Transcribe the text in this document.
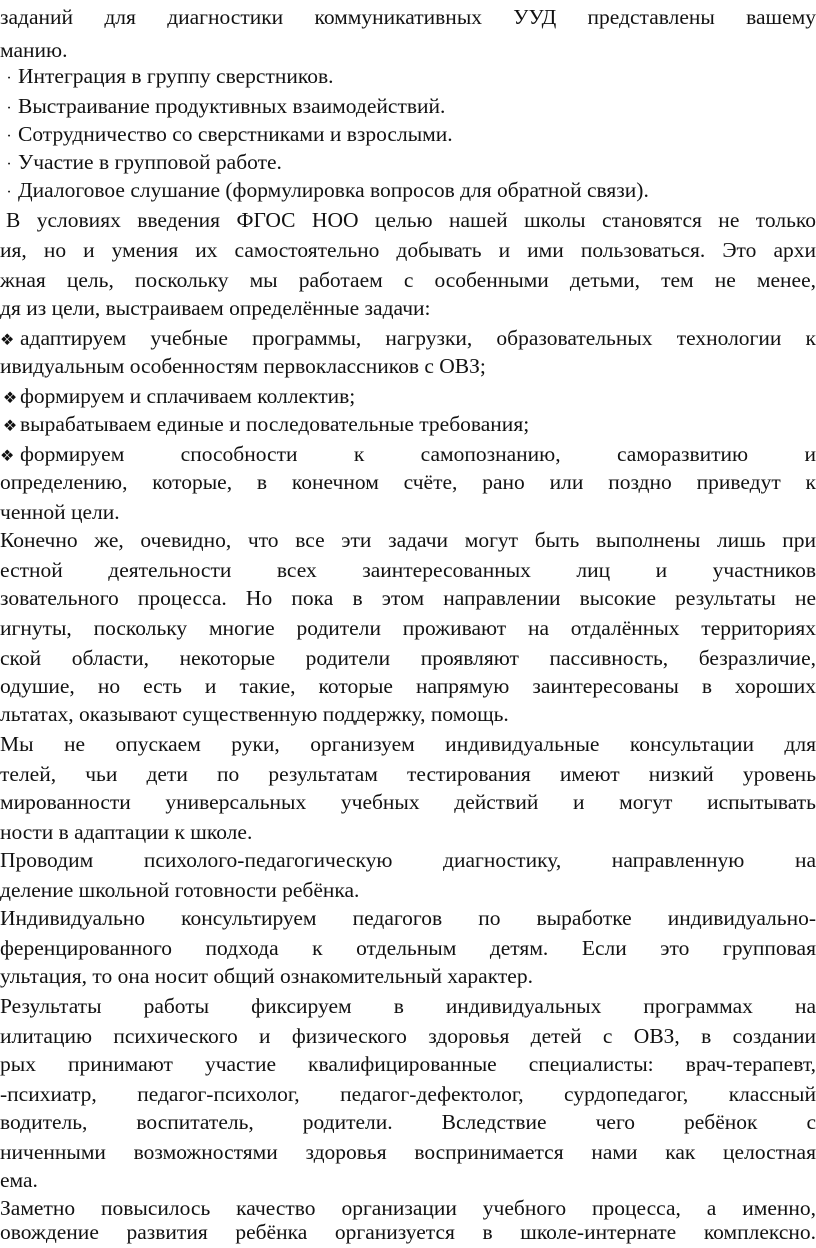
заданий для диагностики коммуникативных УУД представлены вашему
манию.
· Интеграция в группу сверстников.
· Выстраивание продуктивных взаимодействий.
· Сотрудничество со сверстниками и взрослыми.
· Участие в групповой работе.
· Диалоговое слушание (формулировка вопросов для обратной связи).
В условиях введения ФГОС НОО целью нашей школы становятся не только
ия, но и умения их самостоятельно добывать и ими пользоваться. Это архи
жная цель, поскольку мы работаем с особенными детьми, тем не менее,
дя из цели, выстраиваем определённые задачи:
❖ адаптируем учебные программы, нагрузки, образовательных технологии к
ивидуальным особенностям первоклассников с ОВЗ;
❖ формируем и сплачиваем коллектив;
❖ вырабатываем единые и последовательные требования;
❖ формируем способности к самопознанию, саморазвитию и
определению, которые, в конечном счёте, рано или поздно приведут к
ченной цели.
Конечно же, очевидно, что все эти задачи могут быть выполнены лишь при
естной деятельности всех заинтересованных лиц и участников
зовательного процесса. Но пока в этом направлении высокие результаты не
игнуты, поскольку многие родители проживают на отдалённых территориях
ской области, некоторые родители проявляют пассивность, безразличие,
одушие, но есть и такие, которые напрямую заинтересованы в хороших
льтатах, оказывают существенную поддержку, помощь.
Мы не опускаем руки, организуем индивидуальные консультации для
телей, чьи дети по результатам тестирования имеют низкий уровень
мированности универсальных учебных действий и могут испытывать
ности в адаптации к школе.
Проводим психолого-педагогическую диагностику, направленную на
деление школьной готовности ребёнка.
Индивидуально консультируем педагогов по выработке индивидуально-
ференцированного подхода к отдельным детям. Если это групповая
ультация, то она носит общий ознакомительный характер.
Результаты работы фиксируем в индивидуальных программах на
илитацию психического и физического здоровья детей с ОВЗ, в создании
рых принимают участие квалифицированные специалисты: врач-терапевт,
-психиатр, педагог-психолог, педагог-дефектолог, сурдопедагог, классный
водитель, воспитатель, родители. Вследствие чего ребёнок с
ниченными возможностями здоровья воспринимается нами как целостная
ема.
Заметно повысилось качество организации учебного процесса, а именно,
овождение развития ребёнка организуется в школе-интернате комплексно.
